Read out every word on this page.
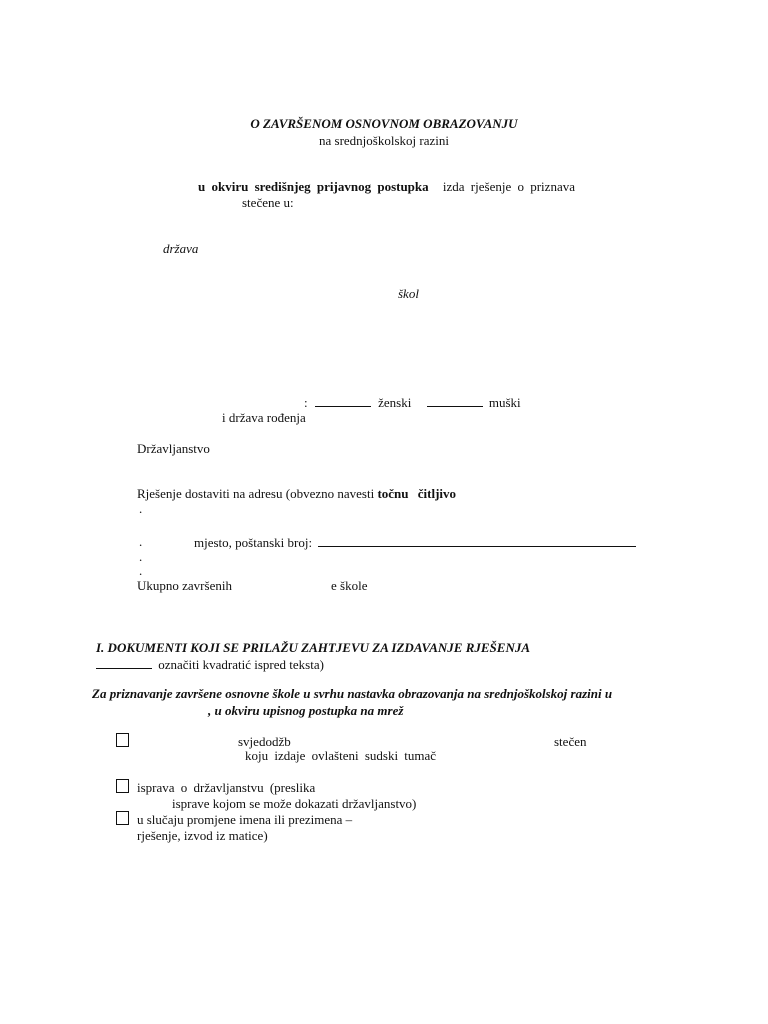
O ZAVRŠENOM OSNOVNOM OBRAZOVANJU
na srednjoškolskoj razini
u okviru središnjeg prijavnog postupka izda rješenje o priznava
stečene u:
država
škol
:	ženski	muški
i država rođenja
Državljanstvo
Rješenje dostaviti na adresu (obvezno navesti točnu čitljivo
.
.	mjesto, poštanski broj:
.
.
Ukupno završenih	e škole
I. DOKUMENTI KOJI SE PRILAŽU ZAHTJEVU ZA IZDAVANJE RJEŠENJA
označiti kvadratić ispred teksta)
Za priznavanje završene osnovne škole u svrhu nastavka obrazovanja na srednjoškolskoj razini u
, u okviru upisnog postupka na mrež
svjedodžb	stečen
koju izdaje ovlašteni sudski tumač
isprava o državljanstvu (preslika
isprave kojom se može dokazati državljanstvo)
u slučaju promjene imena ili prezimena –
rješenje, izvod iz matice)
